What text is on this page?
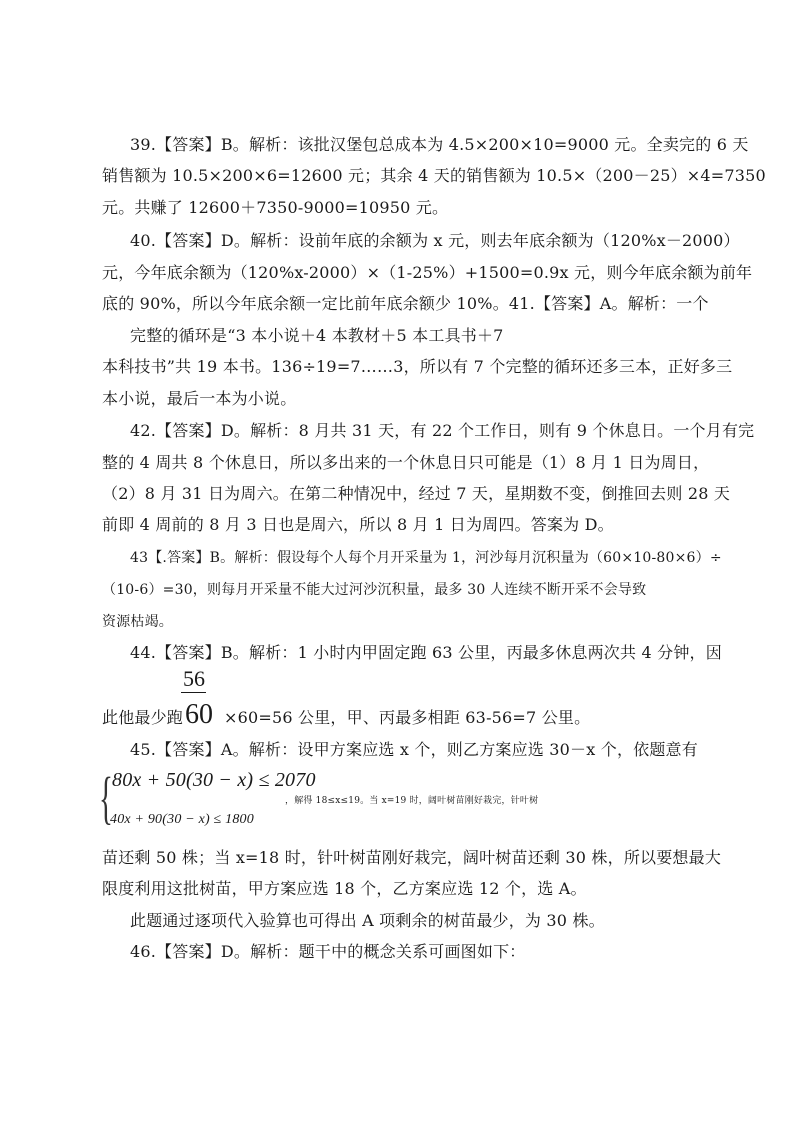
39.【答案】B。解析：该批汉堡包总成本为 4.5×200×10=9000 元。全卖完的 6 天
销售额为 10.5×200×6=12600 元；其余 4 天的销售额为 10.5×（200－25）×4=7350
元。共赚了 12600＋7350-9000=10950 元。
40.【答案】D。解析：设前年底的余额为 x 元，则去年底余额为（120%x－2000）
元，今年底余额为（120%x-2000）×（1-25%）+1500=0.9x 元，则今年底余额为前年
底的 90%，所以今年底余额一定比前年底余额少 10%。41.【答案】A。解析：一个
完整的循环是“3 本小说＋4 本教材＋5 本工具书＋7
本科技书”共 19 本书。136÷19=7……3，所以有 7 个完整的循环还多三本，正好多三
本小说，最后一本为小说。
42.【答案】D。解析：8 月共 31 天，有 22 个工作日，则有 9 个休息日。一个月有完
整的 4 周共 8 个休息日，所以多出来的一个休息日只可能是（1）8 月 1 日为周日，
（2）8 月 31 日为周六。在第二种情况中，经过 7 天，星期数不变，倒推回去则 28 天
前即 4 周前的 8 月 3 日也是周六，所以 8 月 1 日为周四。答案为 D。
43【.答案】B。解析：假设每个人每个月开采量为 1，河沙每月沉积量为（60×10-80×6）÷
（10-6）=30，则每月开采量不能大过河沙沉积量，最多 30 人连续不断开采不会导致
资源枯竭。
44.【答案】B。解析：1 小时内甲固定跑 63 公里，丙最多休息两次共 4 分钟，因
56
60
此他最少跑	×60=56 公里，甲、丙最多相距 63-56=7 公里。
45.【答案】A。解析：设甲方案应选 x 个，则乙方案应选 30－x 个，依题意有
{ 80x + 50(30 − x) ≤ 2070
，解得 18≤x≤19。当 x=19 时，阔叶树苗刚好栽完，针叶树
40x + 90(30 − x) ≤ 1800
苗还剩 50 株；当 x=18 时，针叶树苗刚好栽完，阔叶树苗还剩 30 株，所以要想最大
限度利用这批树苗，甲方案应选 18 个，乙方案应选 12 个，选 A。
此题通过逐项代入验算也可得出 A 项剩余的树苗最少，为 30 株。
46.【答案】D。解析：题干中的概念关系可画图如下：
